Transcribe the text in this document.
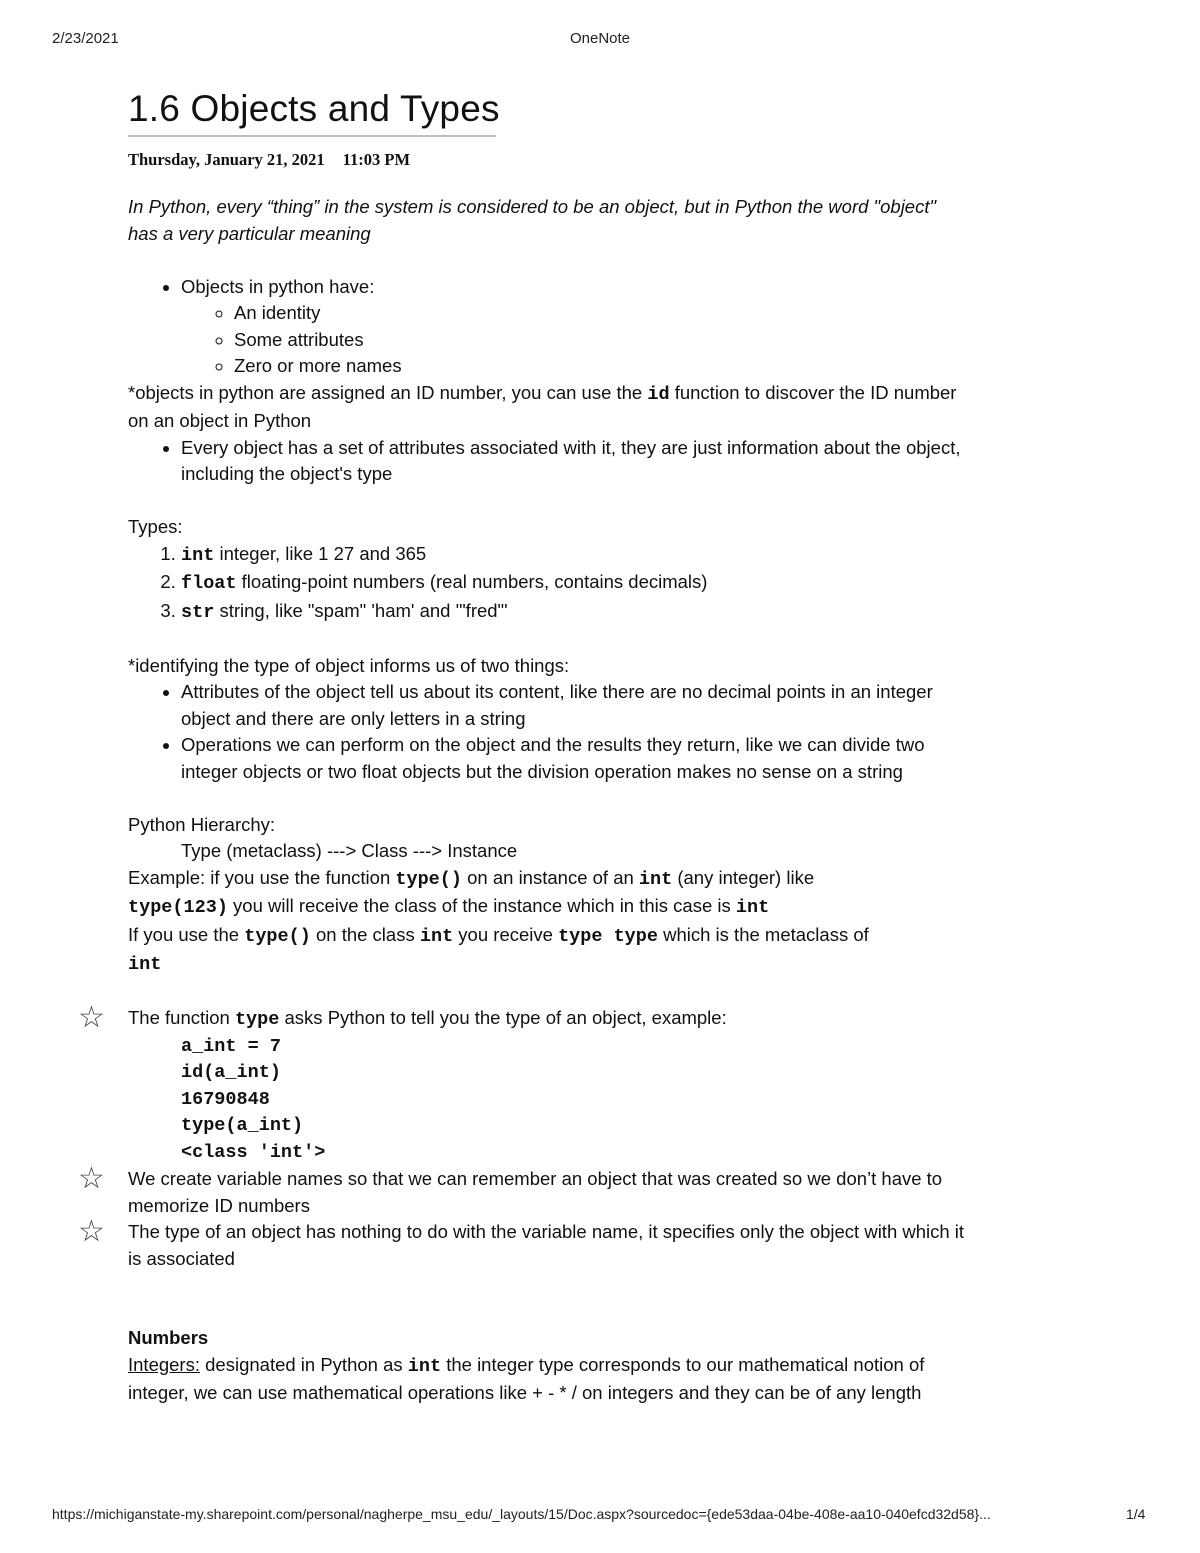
2/23/2021	OneNote
1.6 Objects and Types
Thursday, January 21, 2021 11:03 PM

In Python, every “thing” in the system is considered to be an object, but in Python the word "object" has a very particular meaning

• Objects in python have:
◦ An identity
◦ Some attributes
◦ Zero or more names

*objects in python are assigned an ID number, you can use the id function to discover the ID number on an object in Python

• Every object has a set of attributes associated with it, they are just information about the object, including the object's type

Types:

1. int integer, like 1 27 and 365
2. float floating-point numbers (real numbers, contains decimals)
3. str string, like "spam" 'ham' and '"fred"'

*identifying the type of object informs us of two things:

• Attributes of the object tell us about its content, like there are no decimal points in an integer object and there are only letters in a string
• Operations we can perform on the object and the results they return, like we can divide two integer objects or two float objects but the division operation makes no sense on a string

Python Hierarchy:

Type (metaclass) ---> Class ---> Instance

Example: if you use the function type() on an instance of an int (any integer) like

type(123) you will receive the class of the instance which in this case is int

If you use the type() on the class int you receive type type which is the metaclass of

int

☆ The function type asks Python to tell you the type of an object, example:

a_int = 7
id(a_int)
16790848
type(a_int)
<class 'int'>
☆ We create variable names so that we can remember an object that was created so we don’t have to memorize ID numbers

☆ The type of an object has nothing to do with the variable name, it specifies only the object with which it is associated

Numbers

Integers: designated in Python as int the integer type corresponds to our mathematical notion of integer, we can use mathematical operations like + - * / on integers and they can be of any length

https://michiganstate-my.sharepoint.com/personal/nagherpe_msu_edu/_layouts/15/Doc.aspx?sourcedoc={ede53daa-04be-408e-aa10-040efcd32d58}...	1/4
